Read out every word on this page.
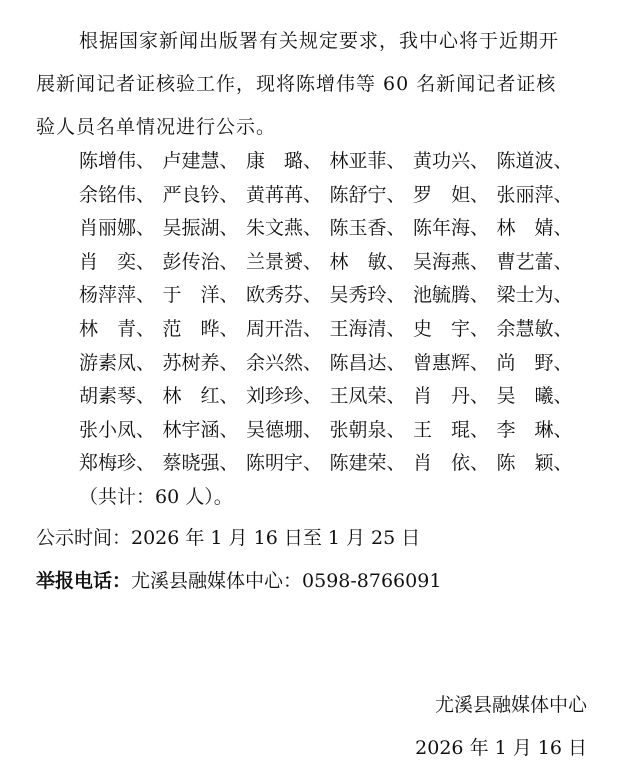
根据国家新闻出版署有关规定要求，我中心将于近期开
展新闻记者证核验工作，现将陈增伟等 60 名新闻记者证核
验人员名单情况进行公示。
陈增伟、 卢建慧、 康　璐、 林亚菲、 黄功兴、 陈道波、
余铭伟、 严良钤、 黄苒苒、 陈舒宁、 罗　妲、 张丽萍、
肖丽娜、 吴振湖、 朱文燕、 陈玉香、 陈年海、 林　婧、
肖　奕、 彭传治、 兰景赟、 林　敏、 吴海燕、 曹艺蕾、
杨萍萍、 于　洋、 欧秀芬、 吴秀玲、 池毓腾、 梁士为、
林　青、 范　晔、 周开浩、 王海清、 史　宇、 余慧敏、
游素凤、 苏树养、 余兴然、 陈昌达、 曾惠辉、 尚　野、
胡素琴、 林　红、 刘珍珍、 王凤荣、 肖　丹、 吴　曦、
张小凤、 林宇涵、 吴德堋、 张朝泉、 王　琨、 李　琳、
郑梅珍、 蔡晓强、 陈明宇、 陈建荣、 肖　依、 陈　颖、
（共计：60 人）。
公示时间：2026 年 1 月 16 日至 1 月 25 日
举报电话：尤溪县融媒体中心：0598-8766091
尤溪县融媒体中心
2026 年 1 月 16 日
